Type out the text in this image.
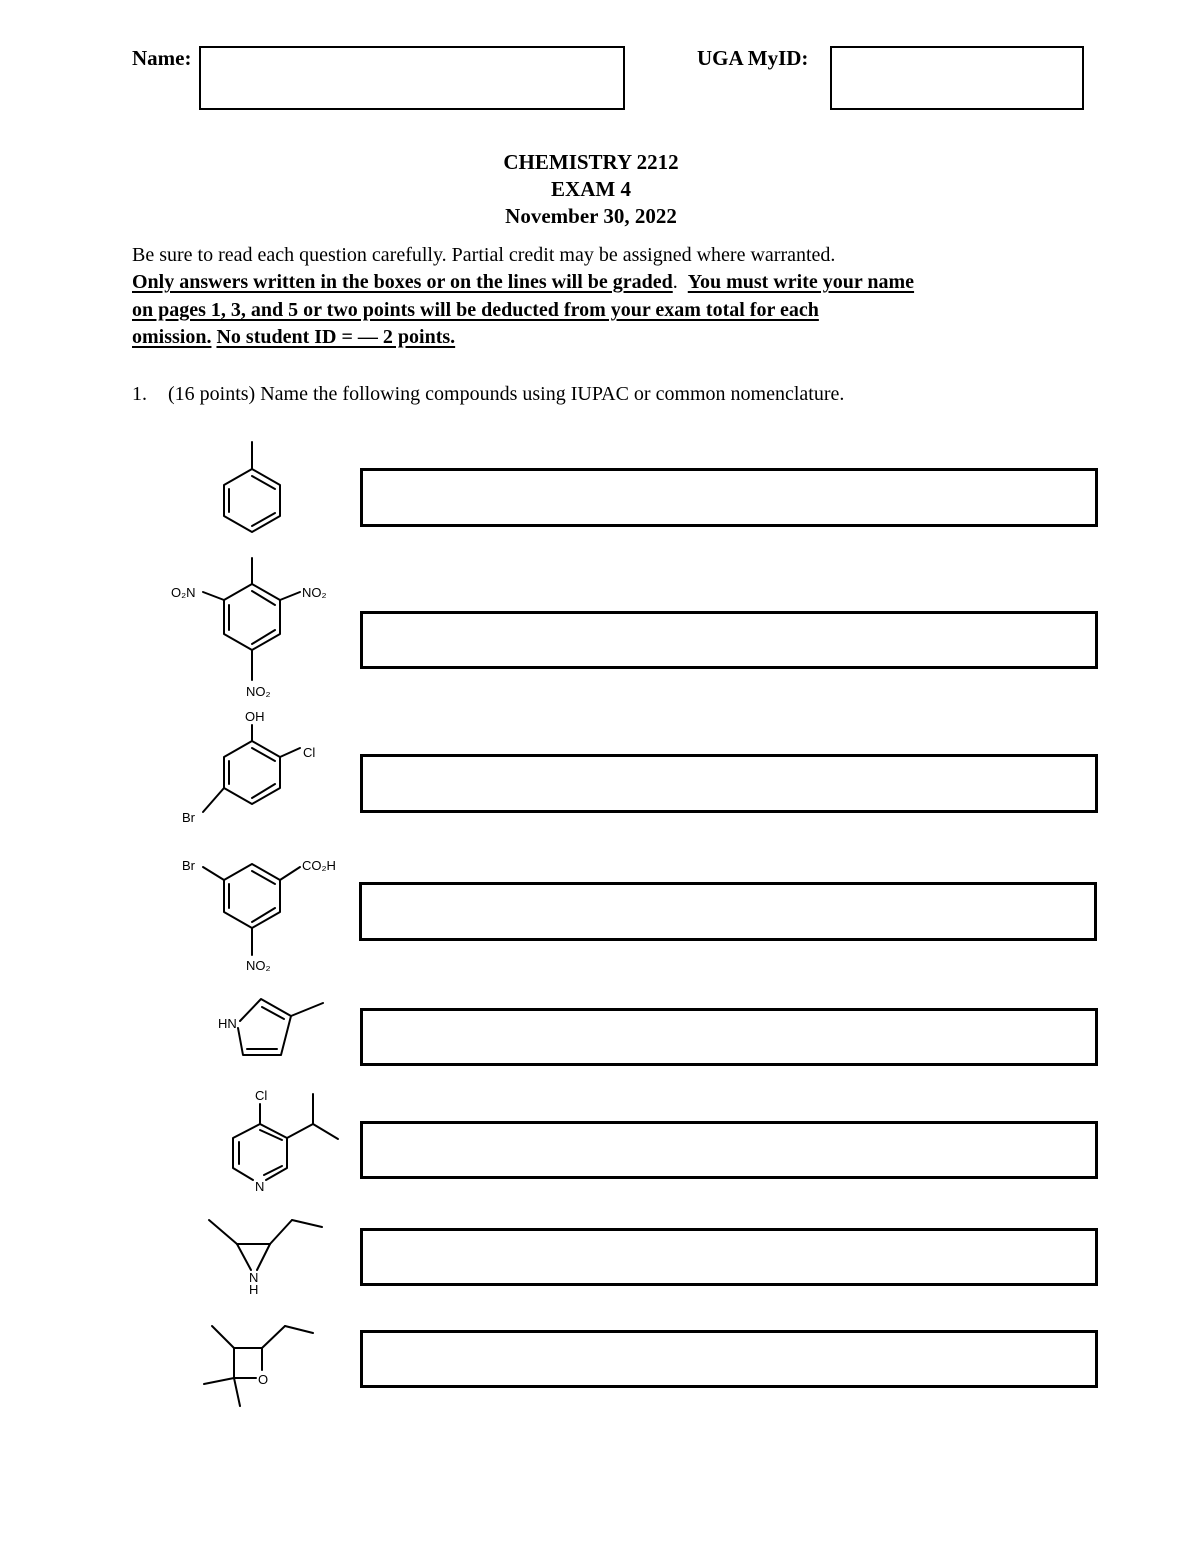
Name:	UGA MyID:
CHEMISTRY 2212
EXAM 4
November 30, 2022
Be sure to read each question carefully. Partial credit may be assigned where warranted.
Only answers written in the boxes or on the lines will be graded.  You must write your name
on pages 1, 3, and 5 or two points will be deducted from your exam total for each
omission. No student ID = — 2 points.
1. (16 points) Name the following compounds using IUPAC or common nomenclature.
O₂N	NO₂
NO₂
OH
Cl
Br
Br	CO₂H
NO₂
HN
Cl
N
N
H
O
